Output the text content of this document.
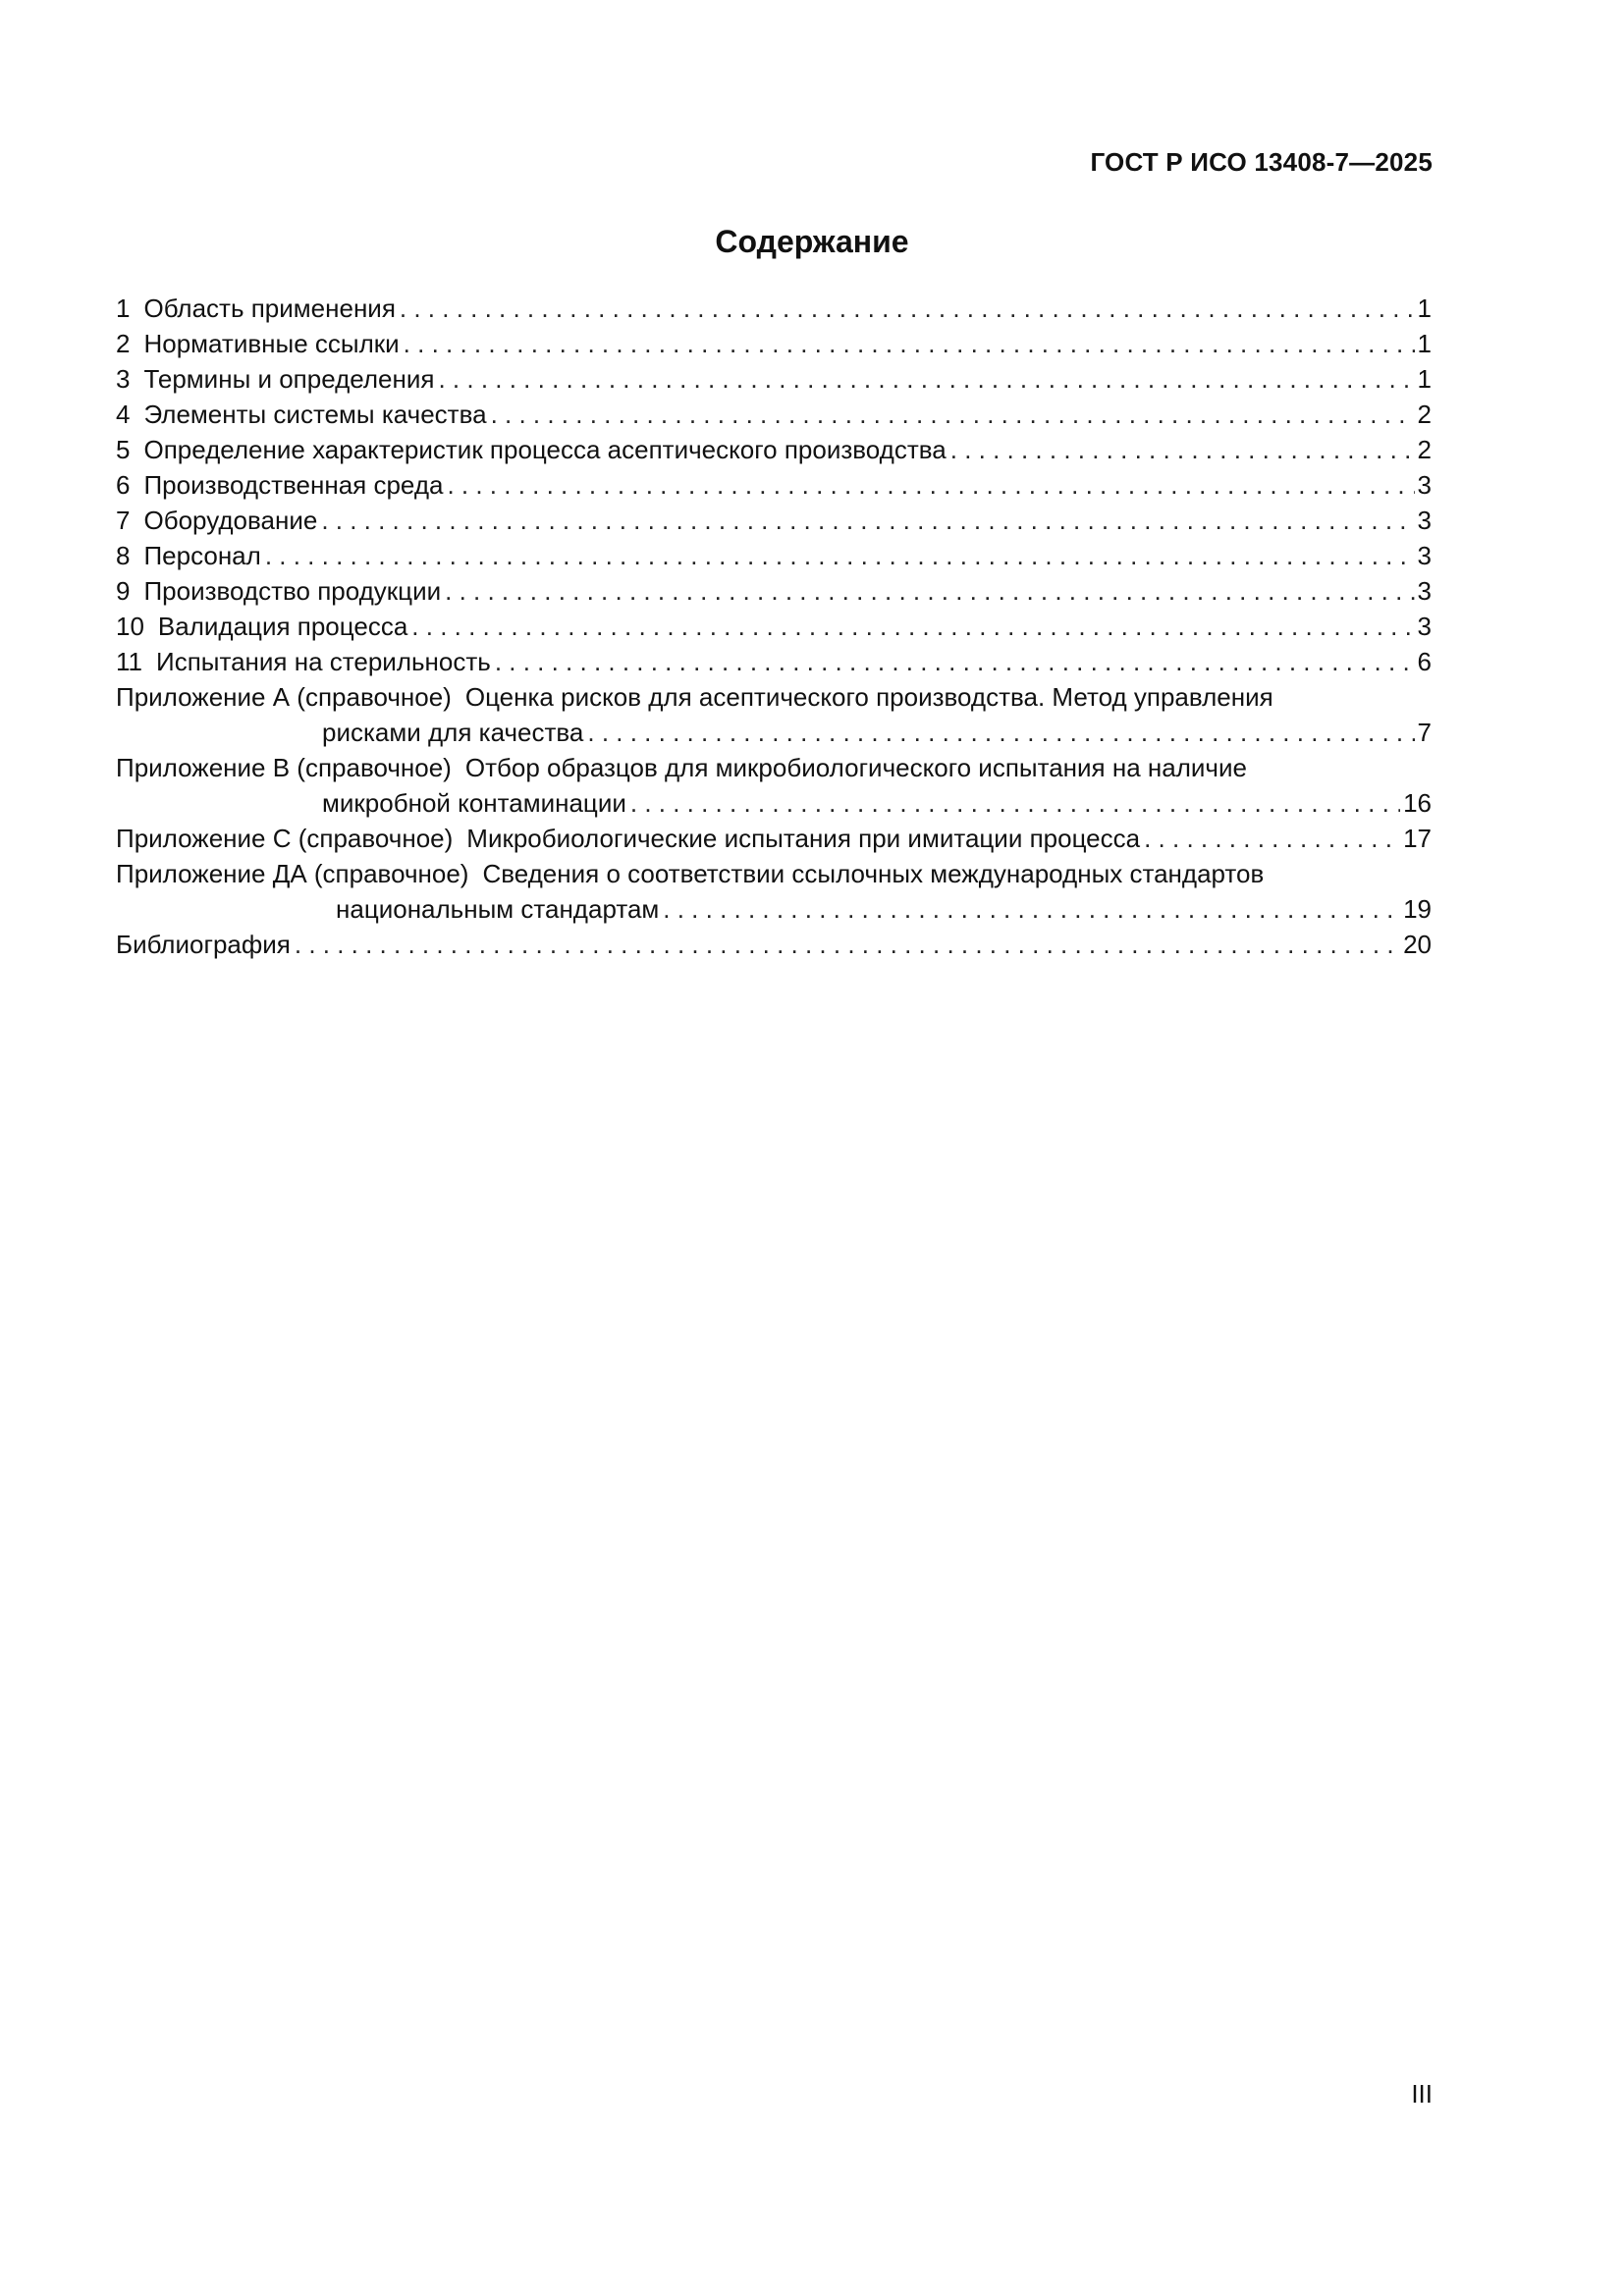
ГОСТ Р ИСО 13408-7—2025
Содержание
1 Область применения . . .	1
2 Нормативные ссылки . . .	1
3 Термины и определения . . .	1
4 Элементы системы качества . . .	2
5 Определение характеристик процесса асептического производства . . .	2
6 Производственная среда . . .	3
7 Оборудование . . .	3
8 Персонал . . .	3
9 Производство продукции . . .	3
10 Валидация процесса . . .	3
11 Испытания на стерильность . . .	6
Приложение А (справочное) Оценка рисков для асептического производства. Метод управления
рисками для качества . . .	7
Приложение В (справочное) Отбор образцов для микробиологического испытания на наличие
микробной контаминации . . .	16
Приложение С (справочное) Микробиологические испытания при имитации процесса . . .	17
Приложение ДА (справочное) Сведения о соответствии ссылочных международных стандартов
национальным стандартам . . .	19
Библиография . . .	20
III
